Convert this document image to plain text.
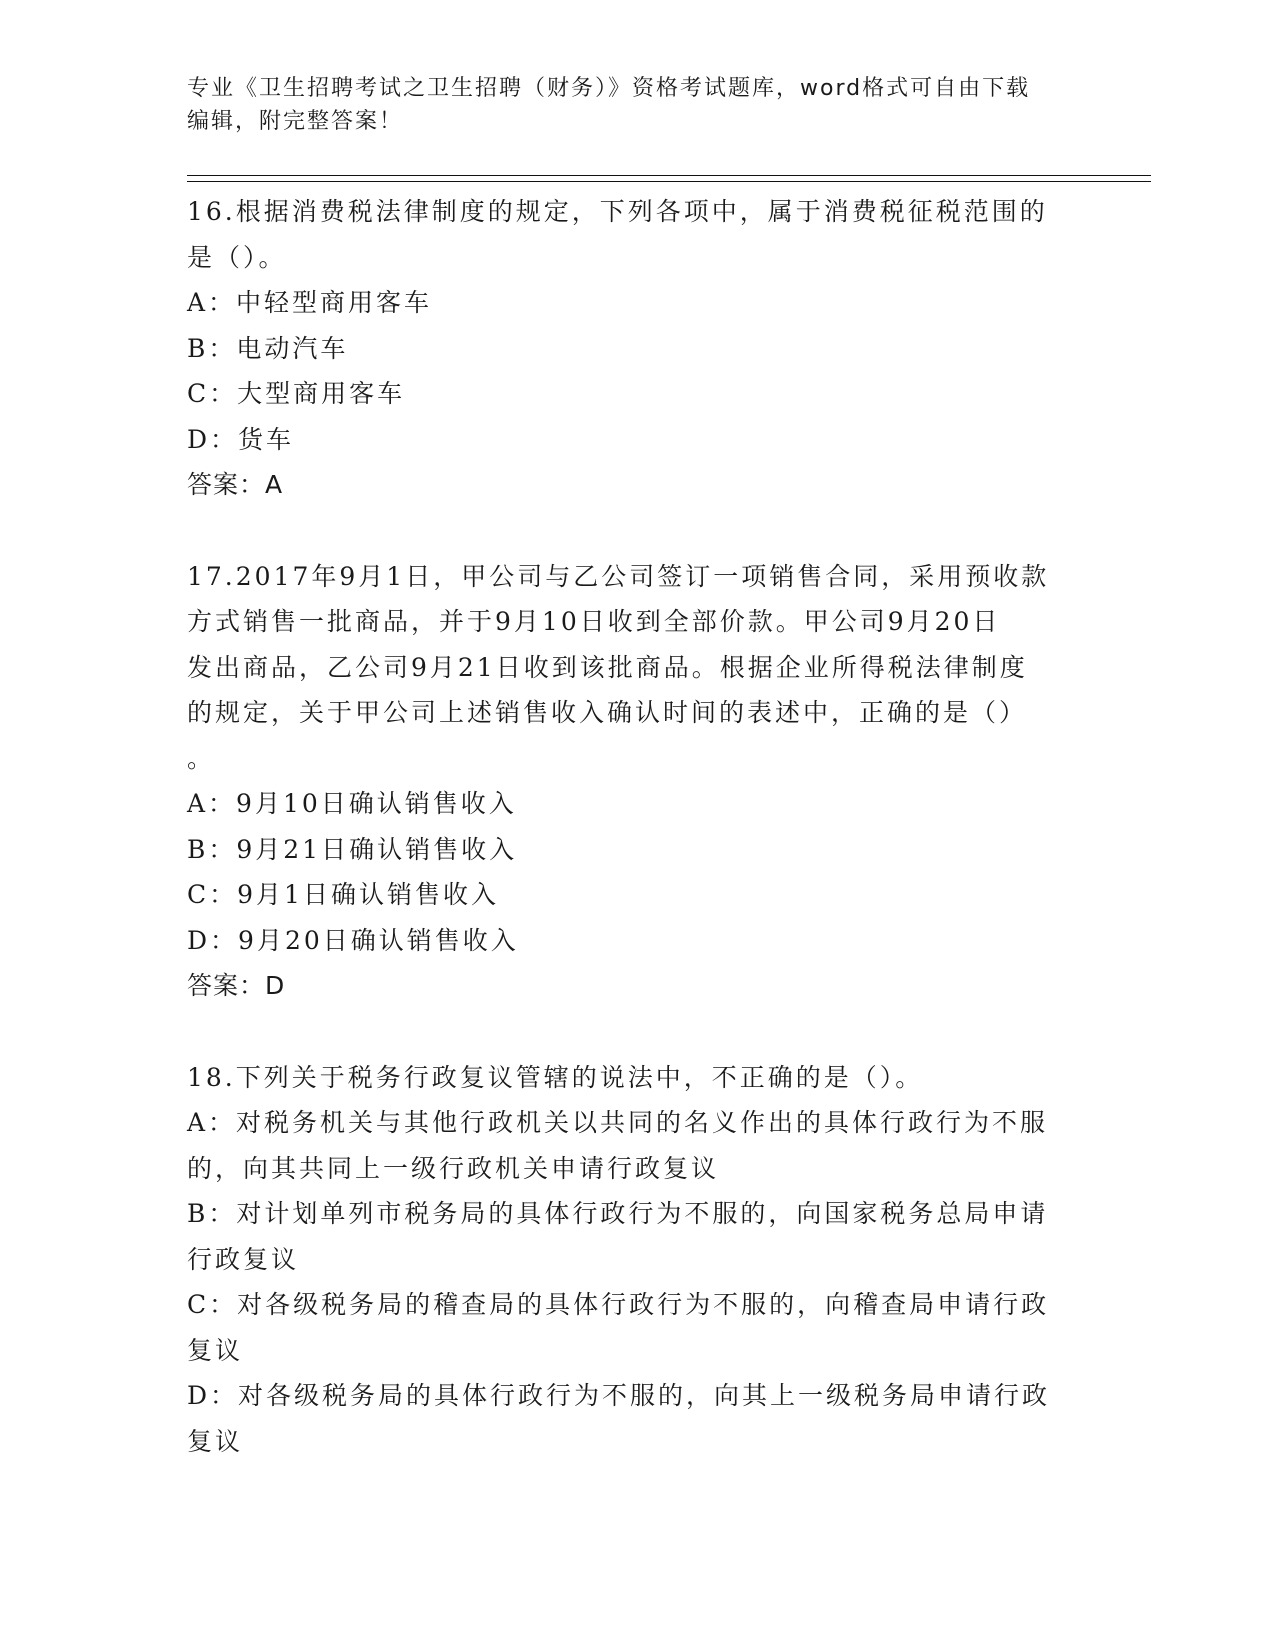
专业《卫生招聘考试之卫生招聘（财务）》资格考试题库，word格式可自由下载
编辑，附完整答案！
16.根据消费税法律制度的规定，下列各项中，属于消费税征税范围的
是（）。
A：中轻型商用客车
B：电动汽车
C：大型商用客车
D：货车
答案：A
17.2017年9月1日，甲公司与乙公司签订一项销售合同，采用预收款
方式销售一批商品，并于9月10日收到全部价款。甲公司9月20日
发出商品，乙公司9月21日收到该批商品。根据企业所得税法律制度
的规定，关于甲公司上述销售收入确认时间的表述中，正确的是（）
。
A：9月10日确认销售收入
B：9月21日确认销售收入
C：9月1日确认销售收入
D：9月20日确认销售收入
答案：D
18.下列关于税务行政复议管辖的说法中，不正确的是（）。
A：对税务机关与其他行政机关以共同的名义作出的具体行政行为不服
的，向其共同上一级行政机关申请行政复议
B：对计划单列市税务局的具体行政行为不服的，向国家税务总局申请
行政复议
C：对各级税务局的稽查局的具体行政行为不服的，向稽查局申请行政
复议
D：对各级税务局的具体行政行为不服的，向其上一级税务局申请行政
复议
